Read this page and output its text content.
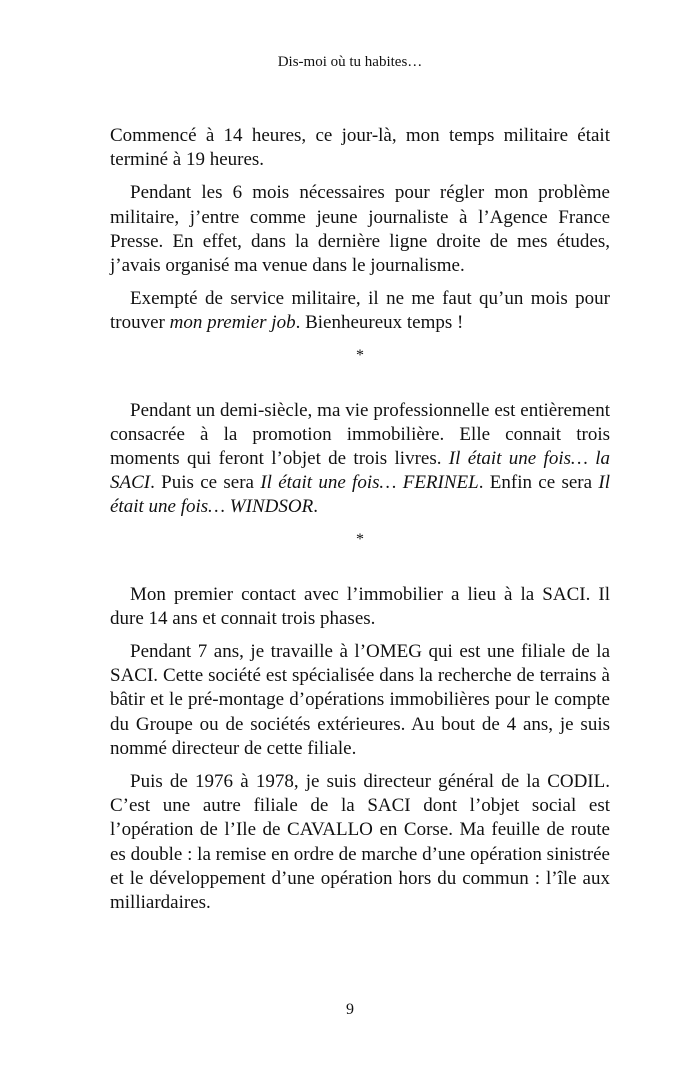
Dis-moi où tu habites…

Commencé à 14 heures, ce jour-là, mon temps militaire était terminé à 19 heures.

Pendant les 6 mois nécessaires pour régler mon problème militaire, j’entre comme jeune journaliste à l’Agence France Presse. En effet, dans la dernière ligne droite de mes études, j’avais organisé ma venue dans le journalisme.

Exempté de service militaire, il ne me faut qu’un mois pour trouver mon premier job. Bienheureux temps !

*

Pendant un demi-siècle, ma vie professionnelle est entièrement consacrée à la promotion immobilière. Elle connait trois moments qui feront l’objet de trois livres. Il était une fois… la SACI. Puis ce sera Il était une fois… FERINEL. Enfin ce sera Il était une fois… WINDSOR.

*

Mon premier contact avec l’immobilier a lieu à la SACI. Il dure 14 ans et connait trois phases.

Pendant 7 ans, je travaille à l’OMEG qui est une filiale de la SACI. Cette société est spécialisée dans la recherche de terrains à bâtir et le pré-montage d’opérations immobilières pour le compte du Groupe ou de sociétés extérieures. Au bout de 4 ans, je suis nommé directeur de cette filiale.

Puis de 1976 à 1978, je suis directeur général de la CODIL. C’est une autre filiale de la SACI dont l’objet social est l’opération de l’Ile de CAVALLO en Corse. Ma feuille de route es double : la remise en ordre de marche d’une opération sinistrée et le développement d’une opération hors du commun : l’île aux milliardaires.

9
